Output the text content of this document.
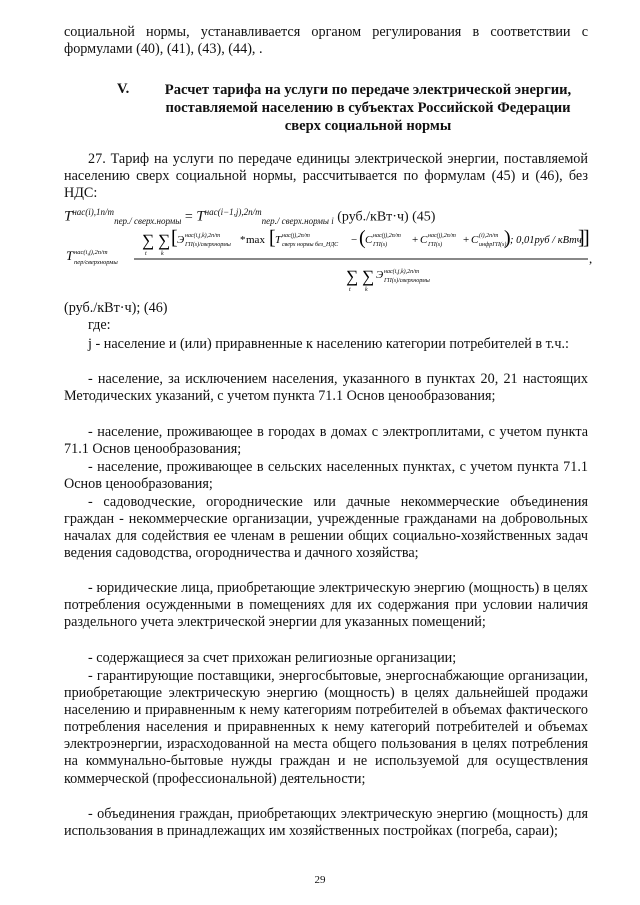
социальной нормы, устанавливается органом регулирования в соответствии с формулами (40), (41), (43), (44), .

V.	Расчет тарифа на услуги по передаче электрической энергии, поставляемой населению в субъектах Российской Федерации сверх социальной нормы

27. Тариф на услуги по передаче единицы электрической энергии, поставляемой населению сверх социальной нормы, рассчитывается по формулам (45) и (46), без НДС:

$T^{нас(i),1п/т}_{пер./ сверх.нормы} = T^{нас(i-1,j),2п/т}_{пер./ сверх.нормы i}$ (руб./кВт·ч) (45)
T нас(i,j),2п/т
пер/сверхнормы	,
∑
t
∑
k
[ Э нас(i,j,k),2п/т
ГП(s)/сверхнормы * max [ T нас(j),2п/т
сверх нормы без_НДС − ( C нас(j),2п/т
ГП(s) + C нас(j),2п/т
ГП(s) + C (i),2п/т
инфрГП(s)
) ; 0,01руб / кВтч
]
]
∑
t
∑
k
Э нас(i,j,k),2п/т
ГП(s)/сверхнормы

(руб./кВт·ч); (46)

где:

j - население и (или) приравненные к населению категории потребителей в т.ч.:

- население, за исключением населения, указанного в пунктах 20, 21 настоящих Методических указаний, с учетом пункта 71.1 Основ ценообразования;

- население, проживающее в городах в домах с электроплитами, с учетом пункта 71.1 Основ ценообразования;

- население, проживающее в сельских населенных пунктах, с учетом пункта 71.1 Основ ценообразования;

- садоводческие, огороднические или дачные некоммерческие объединения граждан - некоммерческие организации, учрежденные гражданами на добровольных началах для содействия ее членам в решении общих социально-хозяйственных задач ведения садоводства, огородничества и дачного хозяйства;

- юридические лица, приобретающие электрическую энергию (мощность) в целях потребления осужденными в помещениях для их содержания при условии наличия раздельного учета электрической энергии для указанных помещений;

- содержащиеся за счет прихожан религиозные организации;

- гарантирующие поставщики, энергосбытовые, энергоснабжающие организации, приобретающие электрическую энергию (мощность) в целях дальнейшей продажи населению и приравненным к нему категориям потребителей в объемах фактического потребления населения и приравненных к нему категорий потребителей и объемах электроэнергии, израсходованной на места общего пользования в целях потребления на коммунально-бытовые нужды граждан и не используемой для осуществления коммерческой (профессиональной) деятельности;

- объединения граждан, приобретающих электрическую энергию (мощность) для использования в принадлежащих им хозяйственных постройках (погреба, сараи);

29
